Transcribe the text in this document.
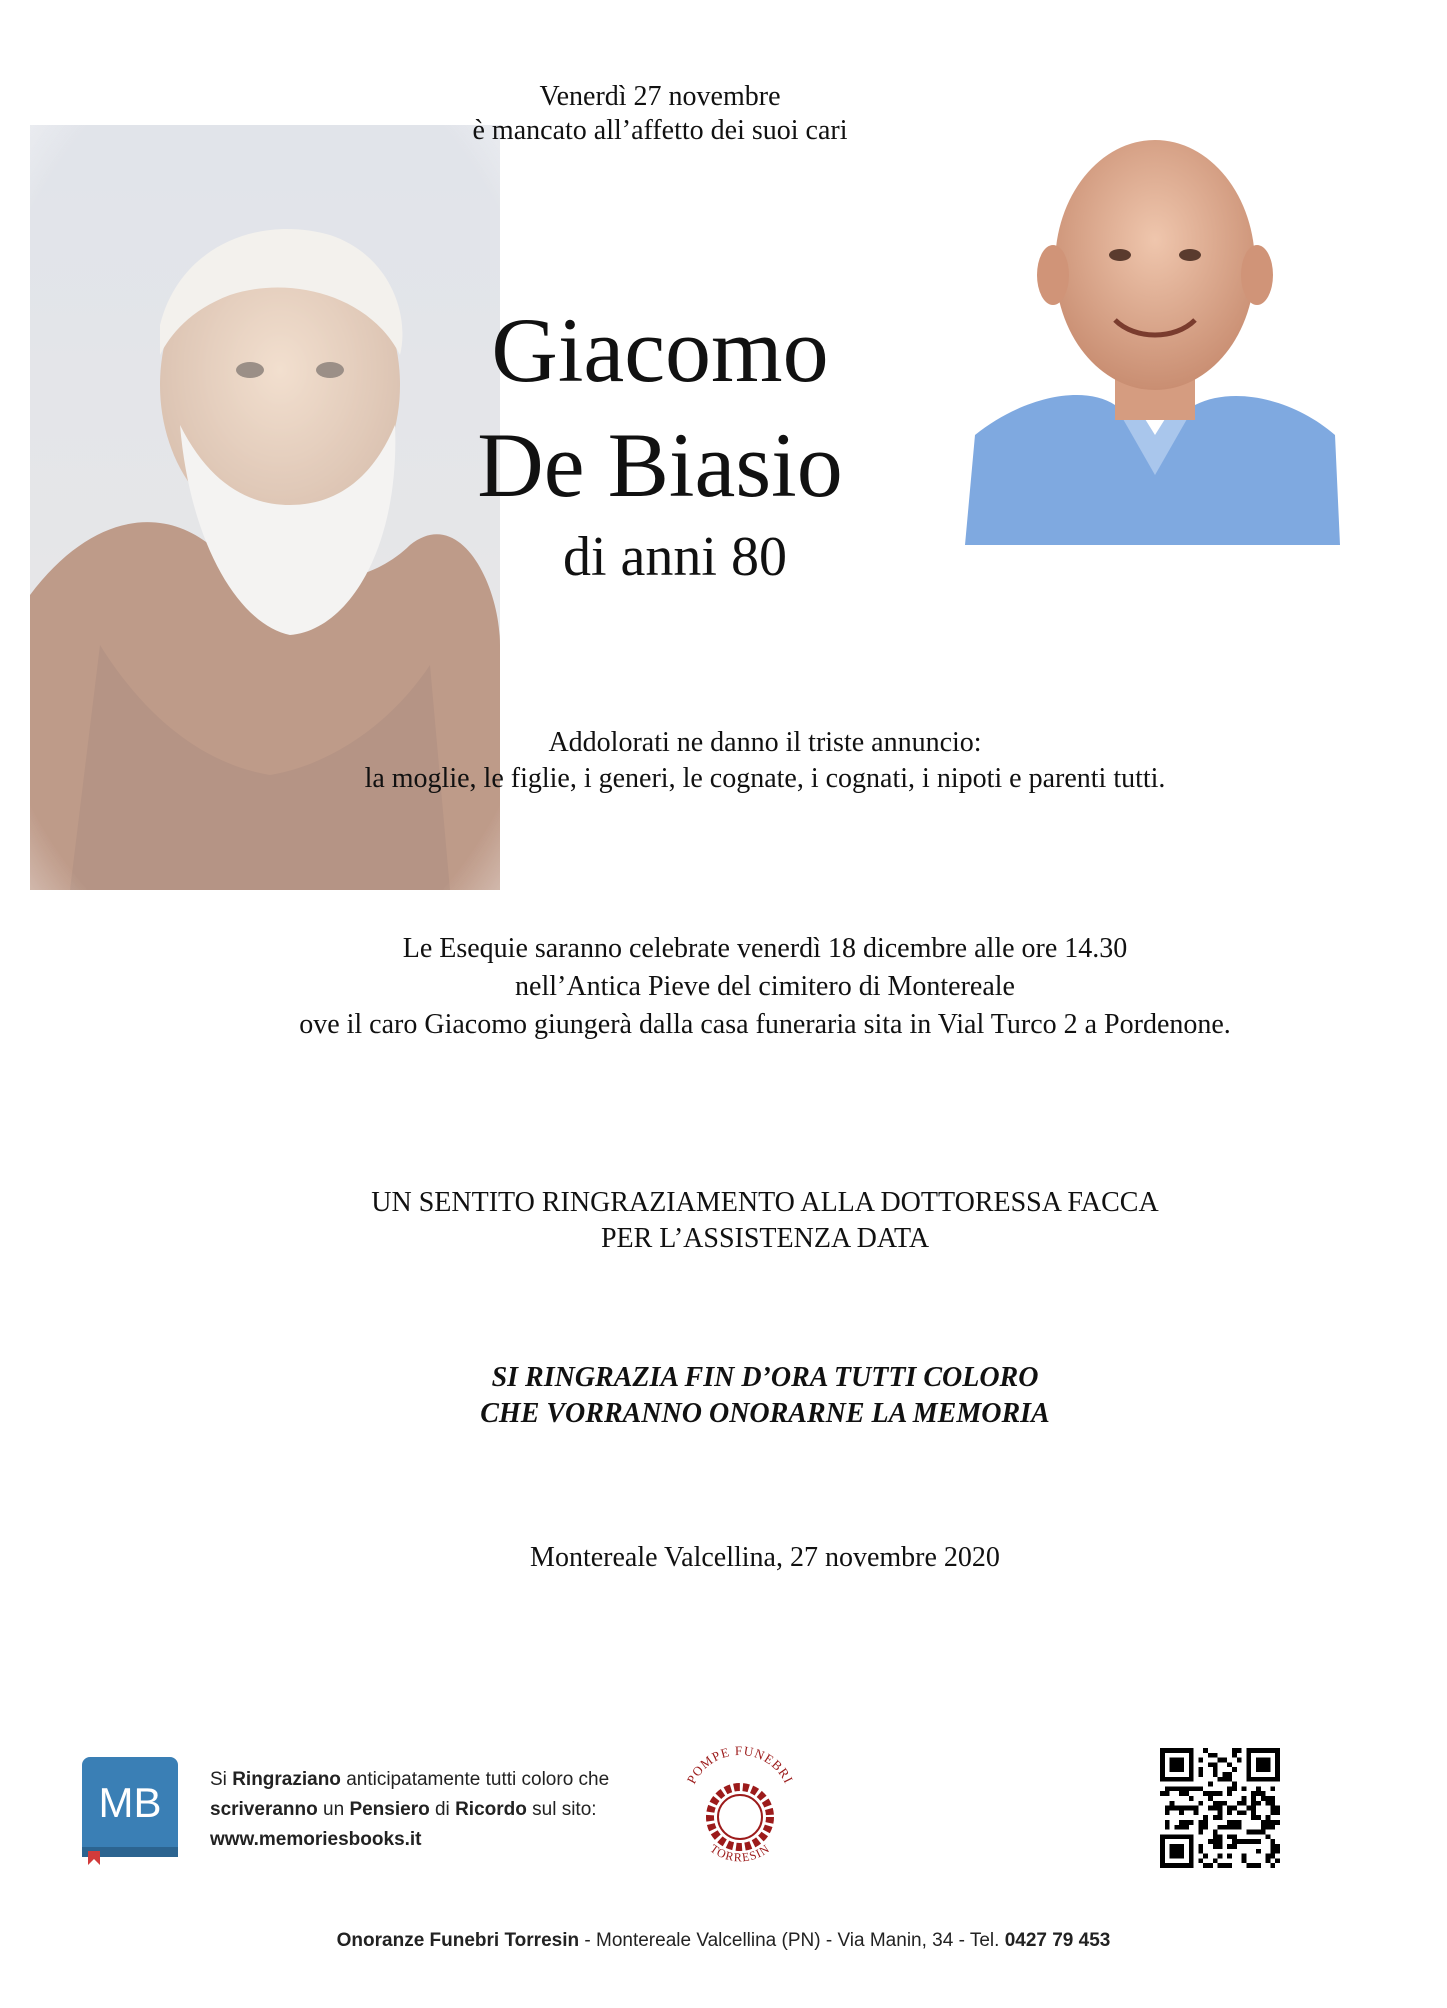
Venerdì 27 novembre
è mancato all’affetto dei suoi cari
Giacomo
De Biasio
di anni 80
Addolorati ne danno il triste annuncio:
la moglie, le figlie, i generi, le cognate, i cognati, i nipoti e parenti tutti.
Le Esequie saranno celebrate venerdì 18 dicembre alle ore 14.30
nell’Antica Pieve del cimitero di Montereale
ove il caro Giacomo giungerà dalla casa funeraria sita in Vial Turco 2 a Pordenone.
UN SENTITO RINGRAZIAMENTO ALLA DOTTORESSA FACCA
PER L’ASSISTENZA DATA
SI RINGRAZIA FIN D’ORA TUTTI COLORO
CHE VORRANNO ONORARNE LA MEMORIA
Montereale Valcellina, 27 novembre 2020
MB	Si Ringraziano anticipatamente tutti coloro che
scriveranno un Pensiero di Ricordo sul sito:
www.memoriesbooks.it
POMPE FUNEBRI
TORRESIN
Onoranze Funebri Torresin - Montereale Valcellina (PN) - Via Manin, 34 - Tel. 0427 79 453
